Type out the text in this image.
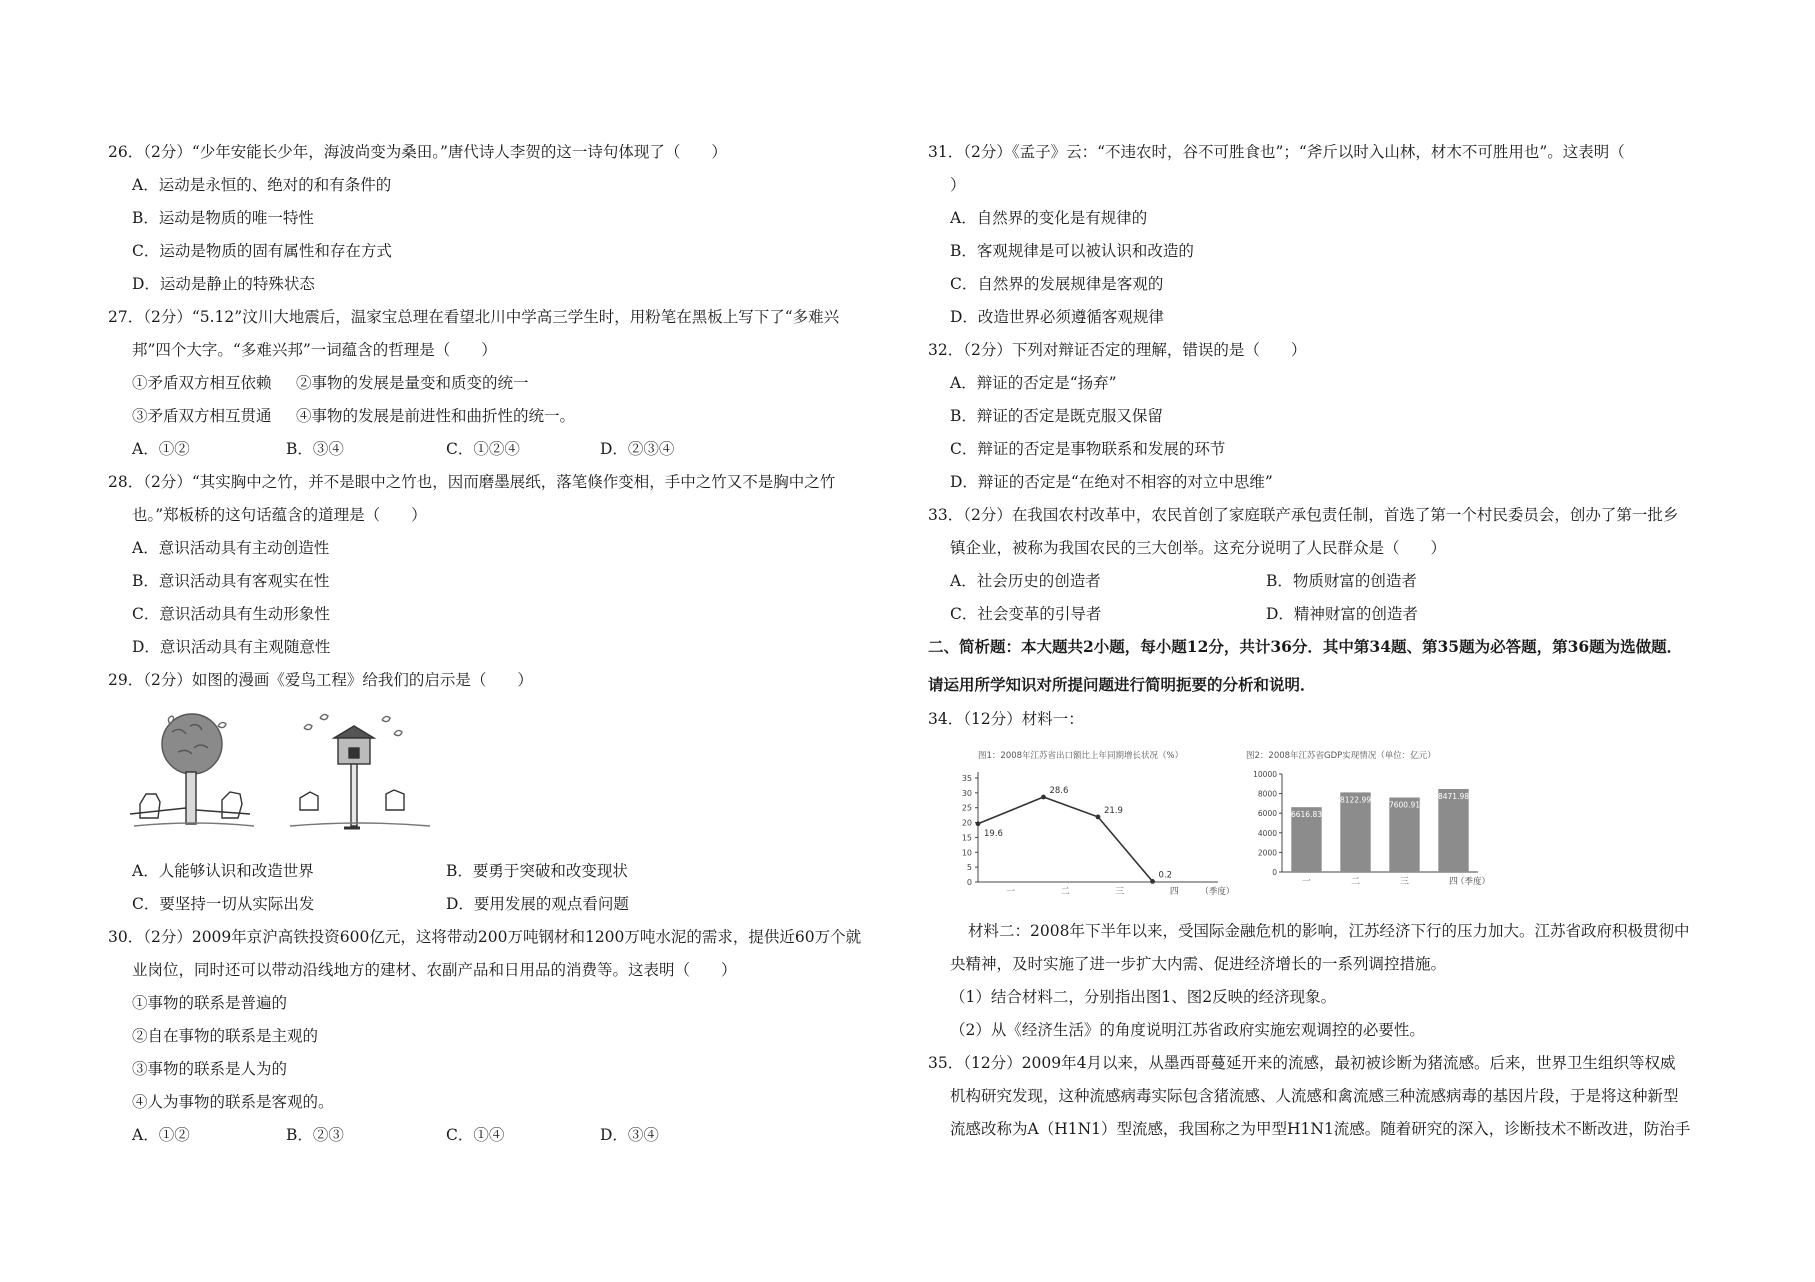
26．（2分）“少年安能长少年，海波尚变为桑田。”唐代诗人李贺的这一诗句体现了（　　）
A．运动是永恒的、绝对的和有条件的
B．运动是物质的唯一特性
C．运动是物质的固有属性和存在方式
D．运动是静止的特殊状态
27．（2分）“5.12”汶川大地震后，温家宝总理在看望北川中学高三学生时，用粉笔在黑板上写下了“多难兴
邦”四个大字。“多难兴邦”一词蕴含的哲理是（　　）
①矛盾双方相互依赖 ②事物的发展是量变和质变的统一
③矛盾双方相互贯通 ④事物的发展是前进性和曲折性的统一。
A．①②	B．③④	C．①②④	D．②③④
28．（2分）“其实胸中之竹，并不是眼中之竹也，因而磨墨展纸，落笔倏作变相，手中之竹又不是胸中之竹
也。”郑板桥的这句话蕴含的道理是（　　）
A．意识活动具有主动创造性
B．意识活动具有客观实在性
C．意识活动具有生动形象性
D．意识活动具有主观随意性
29．（2分）如图的漫画《爱鸟工程》给我们的启示是（　　）
A．人能够认识和改造世界	B．要勇于突破和改变现状
C．要坚持一切从实际出发	D．要用发展的观点看问题
30．（2分）2009年京沪高铁投资600亿元，这将带动200万吨钢材和1200万吨水泥的需求，提供近60万个就
业岗位，同时还可以带动沿线地方的建材、农副产品和日用品的消费等。这表明（　　）
①事物的联系是普遍的
②自在事物的联系是主观的
③事物的联系是人为的
④人为事物的联系是客观的。
A．①②	B．②③	C．①④	D．③④
31．（2分）《孟子》云：“不违农时，谷不可胜食也”；“斧斤以时入山林，材木不可胜用也”。这表明（
）
A．自然界的变化是有规律的
B．客观规律是可以被认识和改造的
C．自然界的发展规律是客观的
D．改造世界必须遵循客观规律
32．（2分）下列对辩证否定的理解，错误的是（　　）
A．辩证的否定是“扬弃”
B．辩证的否定是既克服又保留
C．辩证的否定是事物联系和发展的环节
D．辩证的否定是“在绝对不相容的对立中思维”
33．（2分）在我国农村改革中，农民首创了家庭联产承包责任制，首选了第一个村民委员会，创办了第一批乡
镇企业，被称为我国农民的三大创举。这充分说明了人民群众是（　　）
A．社会历史的创造者	B．物质财富的创造者
C．社会变革的引导者	D．精神财富的创造者
二、简析题：本大题共2小题，每小题12分，共计36分．其中第34题、第35题为必答题，第36题为选做题．
请运用所学知识对所提问题进行简明扼要的分析和说明．
34．（12分）材料一：
图1：2008年江苏省出口额比上年同期增长状况（%）
0
5
10
15
20
25
30
35
19.6
28.6
21.9
0.2
一	二	三	四	（季度）
图2：2008年江苏省GDP实现情况（单位：亿元）
0
2000
4000
6000
8000
10000
6616.83
一
8122.99
二
7600.91
三
8471.98
四
（季度）
材料二：2008年下半年以来，受国际金融危机的影响，江苏经济下行的压力加大。江苏省政府积极贯彻中
央精神，及时实施了进一步扩大内需、促进经济增长的一系列调控措施。
（1）结合材料二，分别指出图1、图2反映的经济现象。
（2）从《经济生活》的角度说明江苏省政府实施宏观调控的必要性。
35．（12分）2009年4月以来，从墨西哥蔓延开来的流感，最初被诊断为猪流感。后来，世界卫生组织等权威
机构研究发现，这种流感病毒实际包含猪流感、人流感和禽流感三种流感病毒的基因片段，于是将这种新型
流感改称为A（H1N1）型流感，我国称之为甲型H1N1流感。随着研究的深入，诊断技术不断改进，防治手
